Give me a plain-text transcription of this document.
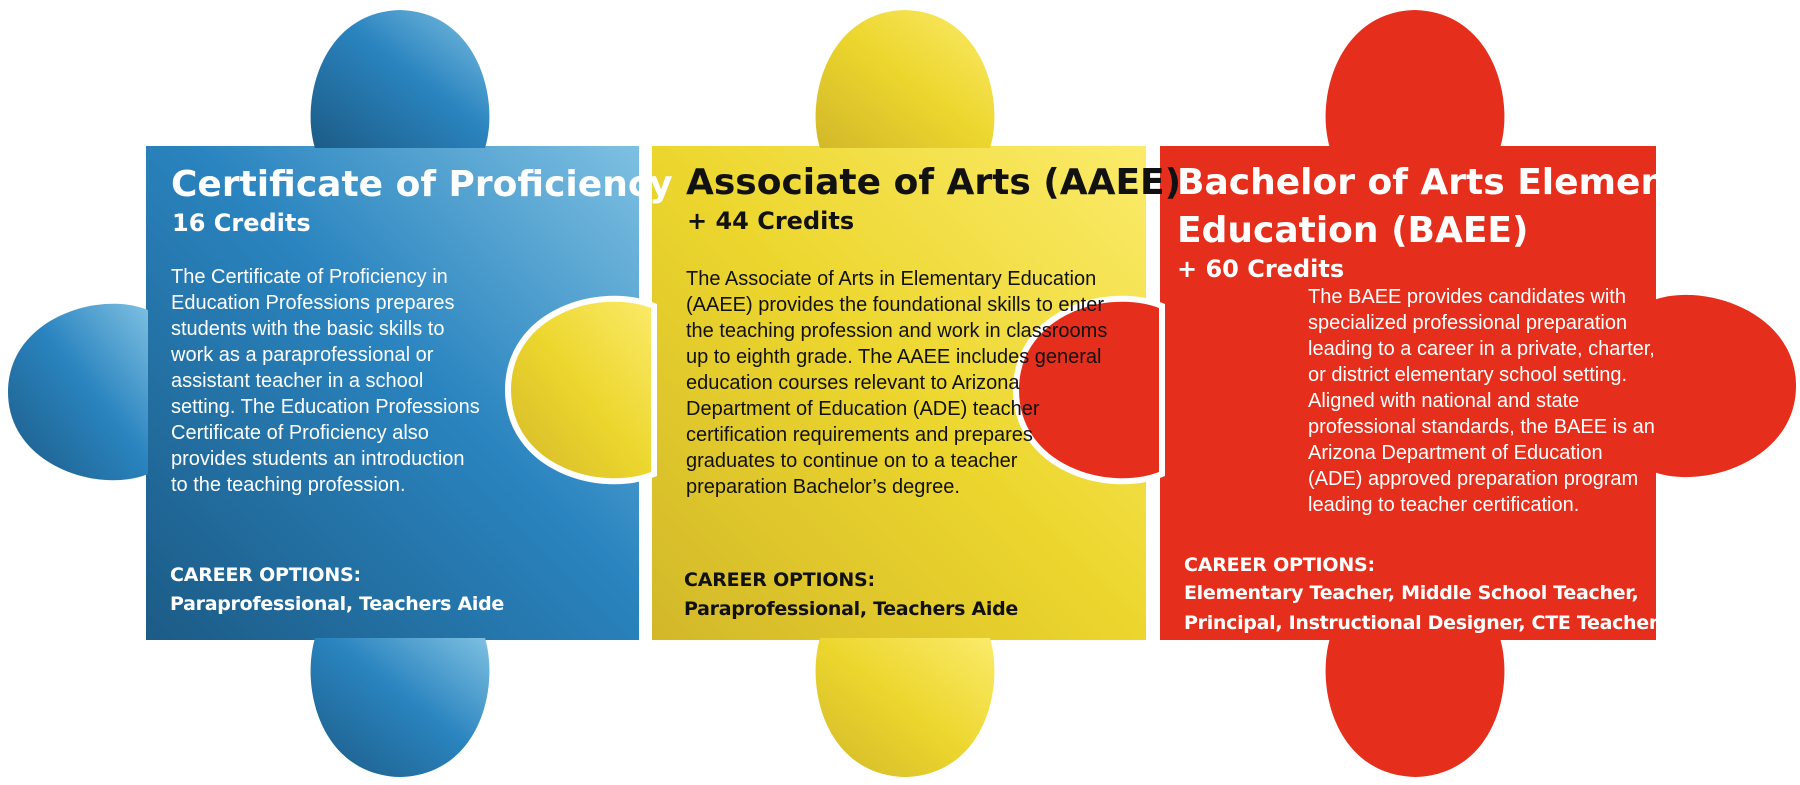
Certificate of Proficiency
16 Credits
The Certificate of Proficiency in Education Professions prepares students with the basic skills to work as a paraprofessional or assistant teacher in a school setting. The Education Professions Certificate of Proficiency also provides students an introduction to the teaching profession.
CAREER OPTIONS:
Paraprofessional, Teachers Aide
Associate of Arts (AAEE)
+ 44 Credits
The Associate of Arts in Elementary Education (AAEE) provides the foundational skills to enter the teaching profession and work in classrooms up to eighth grade. The AAEE includes general education courses relevant to Arizona Department of Education (ADE) teacher certification requirements and prepares graduates to continue on to a teacher preparation Bachelor’s degree.
CAREER OPTIONS:
Paraprofessional, Teachers Aide
Bachelor of Arts Elementary
Education (BAEE)
+ 60 Credits
The BAEE provides candidates with specialized professional preparation leading to a career in a private, charter, or district elementary school setting. Aligned with national and state professional standards, the BAEE is an Arizona Department of Education (ADE) approved preparation program leading to teacher certification.
CAREER OPTIONS:
Elementary Teacher, Middle School Teacher,
Principal, Instructional Designer, CTE Teacher
